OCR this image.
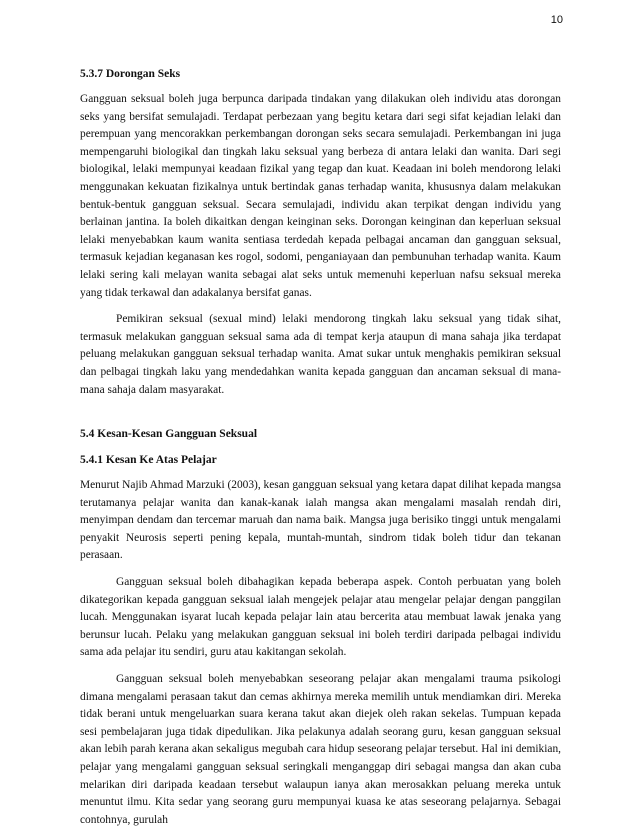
10
5.3.7 Dorongan Seks

Gangguan seksual boleh juga berpunca daripada tindakan yang dilakukan oleh individu atas dorongan seks yang bersifat semulajadi. Terdapat perbezaan yang begitu ketara dari segi sifat kejadian lelaki dan perempuan yang mencorakkan perkembangan dorongan seks secara semulajadi. Perkembangan ini juga mempengaruhi biologikal dan tingkah laku seksual yang berbeza di antara lelaki dan wanita. Dari segi biologikal, lelaki mempunyai keadaan fizikal yang tegap dan kuat. Keadaan ini boleh mendorong lelaki menggunakan kekuatan fizikalnya untuk bertindak ganas terhadap wanita, khususnya dalam melakukan bentuk-bentuk gangguan seksual. Secara semulajadi, individu akan terpikat dengan individu yang berlainan jantina. Ia boleh dikaitkan dengan keinginan seks. Dorongan keinginan dan keperluan seksual lelaki menyebabkan kaum wanita sentiasa terdedah kepada pelbagai ancaman dan gangguan seksual, termasuk kejadian keganasan kes rogol, sodomi, penganiayaan dan pembunuhan terhadap wanita. Kaum lelaki sering kali melayan wanita sebagai alat seks untuk memenuhi keperluan nafsu seksual mereka yang tidak terkawal dan adakalanya bersifat ganas.

Pemikiran seksual (sexual mind) lelaki mendorong tingkah laku seksual yang tidak sihat, termasuk melakukan gangguan seksual sama ada di tempat kerja ataupun di mana sahaja jika terdapat peluang melakukan gangguan seksual terhadap wanita. Amat sukar untuk menghakis pemikiran seksual dan pelbagai tingkah laku yang mendedahkan wanita kepada gangguan dan ancaman seksual di mana-mana sahaja dalam masyarakat.

5.4 Kesan-Kesan Gangguan Seksual
5.4.1 Kesan Ke Atas Pelajar

Menurut Najib Ahmad Marzuki (2003), kesan gangguan seksual yang ketara dapat dilihat kepada mangsa terutamanya pelajar wanita dan kanak-kanak ialah mangsa akan mengalami masalah rendah diri, menyimpan dendam dan tercemar maruah dan nama baik. Mangsa juga berisiko tinggi untuk mengalami penyakit Neurosis seperti pening kepala, muntah-muntah, sindrom tidak boleh tidur dan tekanan perasaan.

Gangguan seksual boleh dibahagikan kepada beberapa aspek. Contoh perbuatan yang boleh dikategorikan kepada gangguan seksual ialah mengejek pelajar atau mengelar pelajar dengan panggilan lucah. Menggunakan isyarat lucah kepada pelajar lain atau bercerita atau membuat lawak jenaka yang berunsur lucah. Pelaku yang melakukan gangguan seksual ini boleh terdiri daripada pelbagai individu sama ada pelajar itu sendiri, guru atau kakitangan sekolah.

Gangguan seksual boleh menyebabkan seseorang pelajar akan mengalami trauma psikologi dimana mengalami perasaan takut dan cemas akhirnya mereka memilih untuk mendiamkan diri. Mereka tidak berani untuk mengeluarkan suara kerana takut akan diejek oleh rakan sekelas. Tumpuan kepada sesi pembelajaran juga tidak dipedulikan. Jika pelakunya adalah seorang guru, kesan gangguan seksual akan lebih parah kerana akan sekaligus megubah cara hidup seseorang pelajar tersebut. Hal ini demikian, pelajar yang mengalami gangguan seksual seringkali menganggap diri sebagai mangsa dan akan cuba melarikan diri daripada keadaan tersebut walaupun ianya akan merosakkan peluang mereka untuk menuntut ilmu. Kita sedar yang seorang guru mempunyai kuasa ke atas seseorang pelajarnya. Sebagai contohnya, gurulah
